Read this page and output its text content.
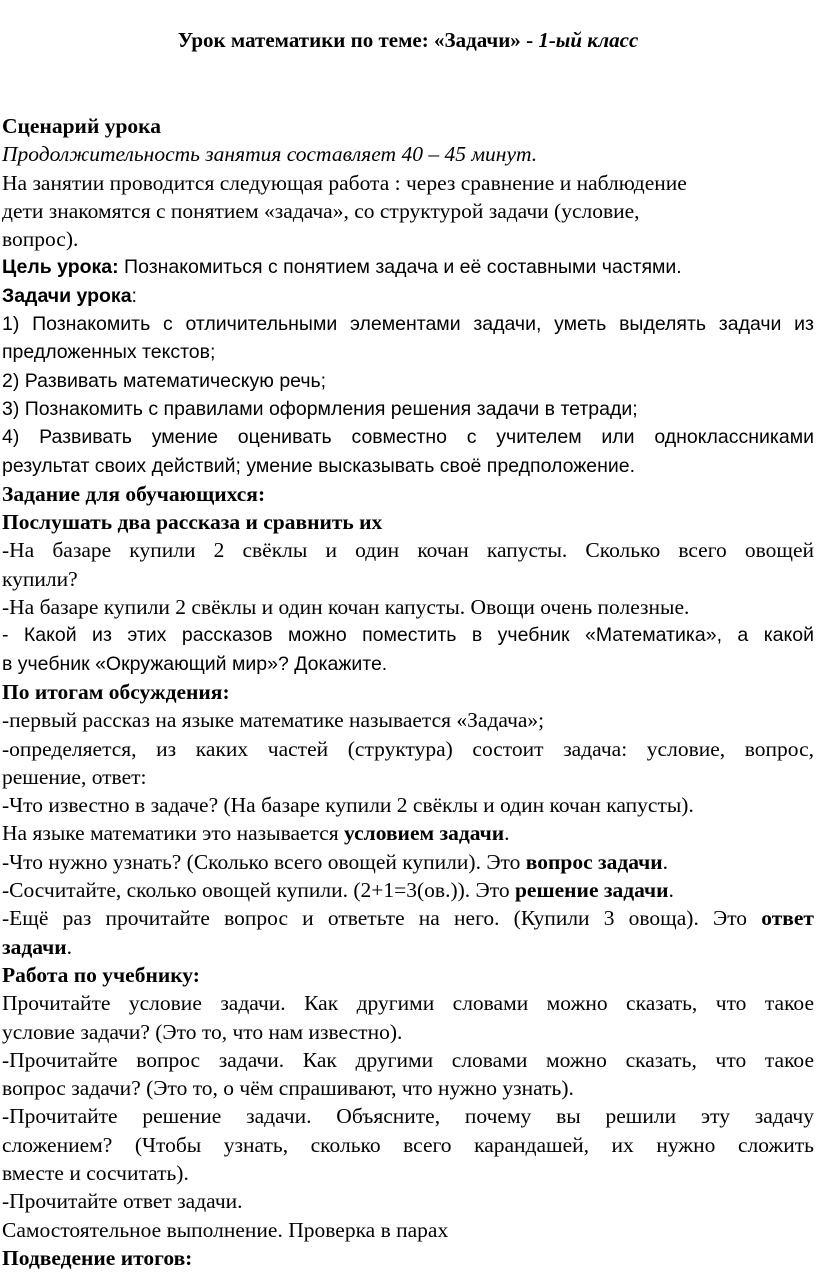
Урок математики по теме: «Задачи» - 1-ый класс
Сценарий урока
Продолжительность занятия составляет 40 – 45 минут.
На занятии проводится следующая работа : через сравнение и наблюдение
дети знакомятся с понятием «задача», со структурой задачи (условие,
вопрос).
Цель урока: Познакомиться с понятием задача и её составными частями.
Задачи урока:
1) Познакомить с отличительными элементами задачи, уметь выделять задачи из
предложенных текстов;
2) Развивать математическую речь;
3) Познакомить с правилами оформления решения задачи в тетради;
4) Развивать умение оценивать совместно с учителем или одноклассниками
результат своих действий; умение высказывать своё предположение.
Задание для обучающихся:
Послушать два рассказа и сравнить их
-На базаре купили 2 свёклы и один кочан капусты. Сколько всего овощей
купили?
-На базаре купили 2 свёклы и один кочан капусты. Овощи очень полезные.
- Какой из этих рассказов можно поместить в учебник «Математика», а какой
в учебник «Окружающий мир»? Докажите.
По итогам обсуждения:
-первый рассказ на языке математике называется «Задача»;
-определяется, из каких частей (структура) состоит задача: условие, вопрос,
решение, ответ:
-Что известно в задаче? (На базаре купили 2 свёклы и один кочан капусты).
На языке математики это называется условием задачи.
-Что нужно узнать? (Сколько всего овощей купили). Это вопрос задачи.
-Сосчитайте, сколько овощей купили. (2+1=3(ов.)). Это решение задачи.
-Ещё раз прочитайте вопрос и ответьте на него. (Купили 3 овоща). Это ответ
задачи.
Работа по учебнику:
Прочитайте условие задачи. Как другими словами можно сказать, что такое
условие задачи? (Это то, что нам известно).
-Прочитайте вопрос задачи. Как другими словами можно сказать, что такое
вопрос задачи? (Это то, о чём спрашивают, что нужно узнать).
-Прочитайте решение задачи. Объясните, почему вы решили эту задачу
сложением? (Чтобы узнать, сколько всего карандашей, их нужно сложить
вместе и сосчитать).
-Прочитайте ответ задачи.
Самостоятельное выполнение. Проверка в парах
Подведение итогов:
